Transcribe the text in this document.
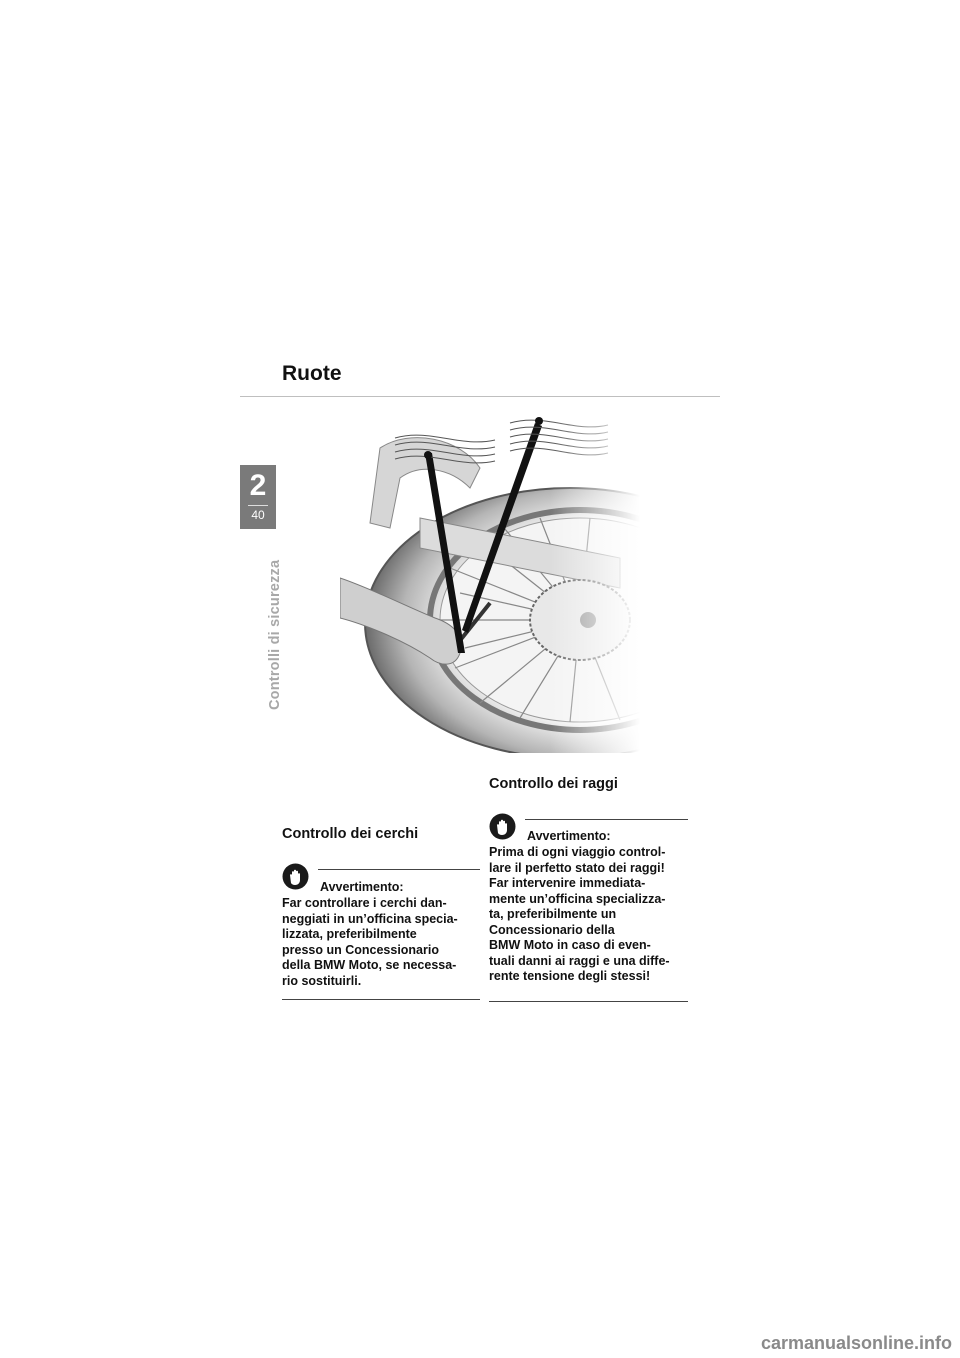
Ruote
2
40
Controlli di sicurezza
Controllo dei cerchi
Avvertimento:
Far controllare i cerchi dan-
neggiati in un’officina specia-
lizzata, preferibilmente
presso un Concessionario
della BMW Moto, se necessa-
rio sostituirli.
Controllo dei raggi
Avvertimento:
Prima di ogni viaggio control-
lare il perfetto stato dei raggi!
Far intervenire immediata-
mente un’officina specializza-
ta, preferibilmente un
Concessionario della
BMW Moto in caso di even-
tuali danni ai raggi e una diffe-
rente tensione degli stessi!
carmanualsonline.info
